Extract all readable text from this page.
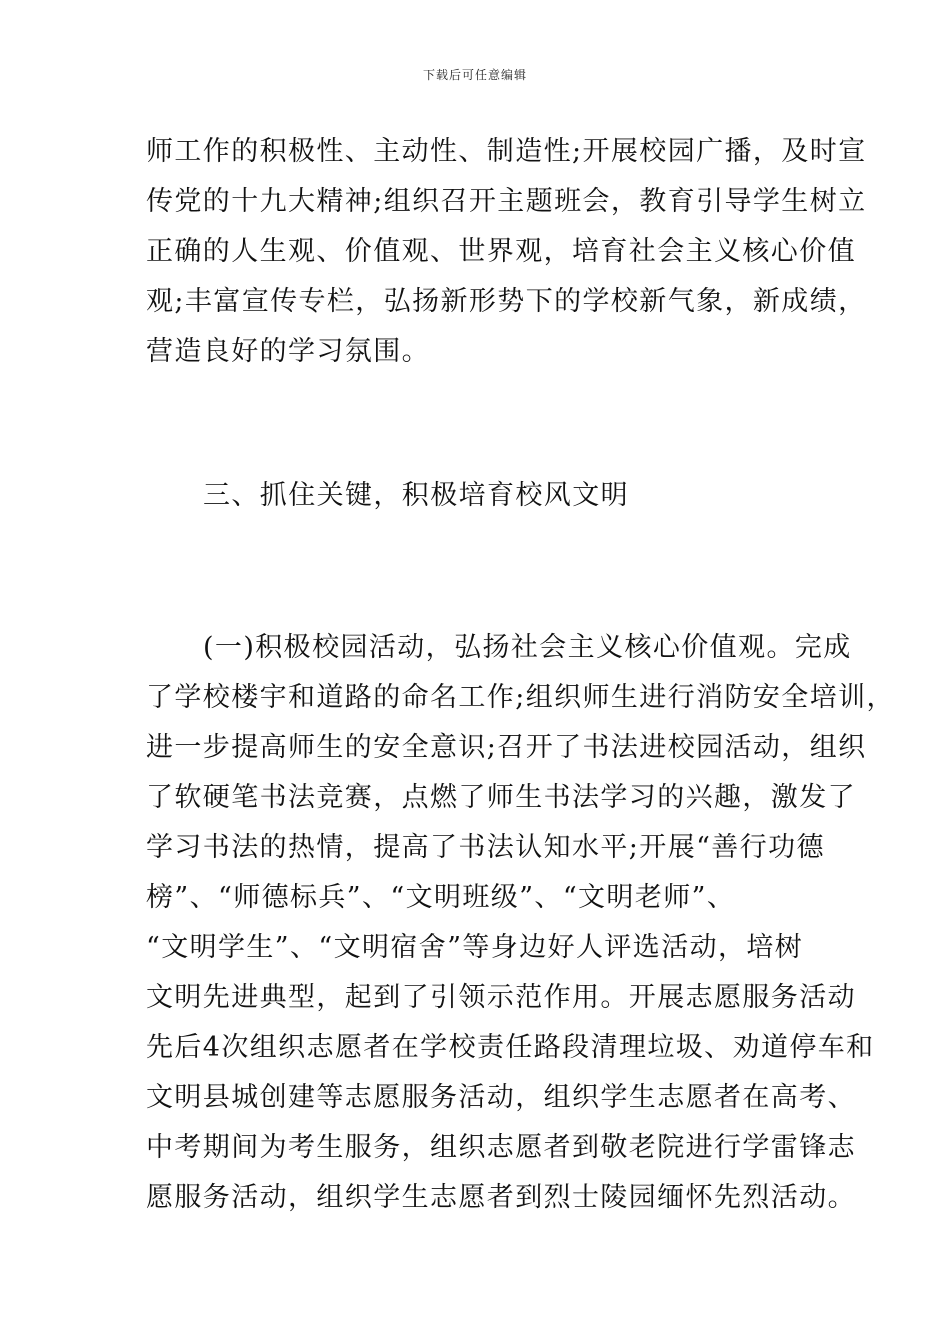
下载后可任意编辑
师工作的积极性、主动性、制造性;开展校园广播，及时宣
传党的十九大精神;组织召开主题班会，教育引导学生树立
正确的人生观、价值观、世界观，培育社会主义核心价值
观;丰富宣传专栏，弘扬新形势下的学校新气象，新成绩，
营造良好的学习氛围。
三、抓住关键，积极培育校风文明
(一)积极校园活动，弘扬社会主义核心价值观。完成
了学校楼宇和道路的命名工作;组织师生进行消防安全培训，
进一步提高师生的安全意识;召开了书法进校园活动，组织
了软硬笔书法竞赛，点燃了师生书法学习的兴趣，激发了
学习书法的热情，提高了书法认知水平;开展“善行功德
榜”、“师德标兵”、“文明班级”、“文明老师”、
“文明学生”、“文明宿舍”等身边好人评选活动，培树
文明先进典型，起到了引领示范作用。开展志愿服务活动
先后4次组织志愿者在学校责任路段清理垃圾、劝道停车和
文明县城创建等志愿服务活动，组织学生志愿者在高考、
中考期间为考生服务，组织志愿者到敬老院进行学雷锋志
愿服务活动，组织学生志愿者到烈士陵园缅怀先烈活动。
